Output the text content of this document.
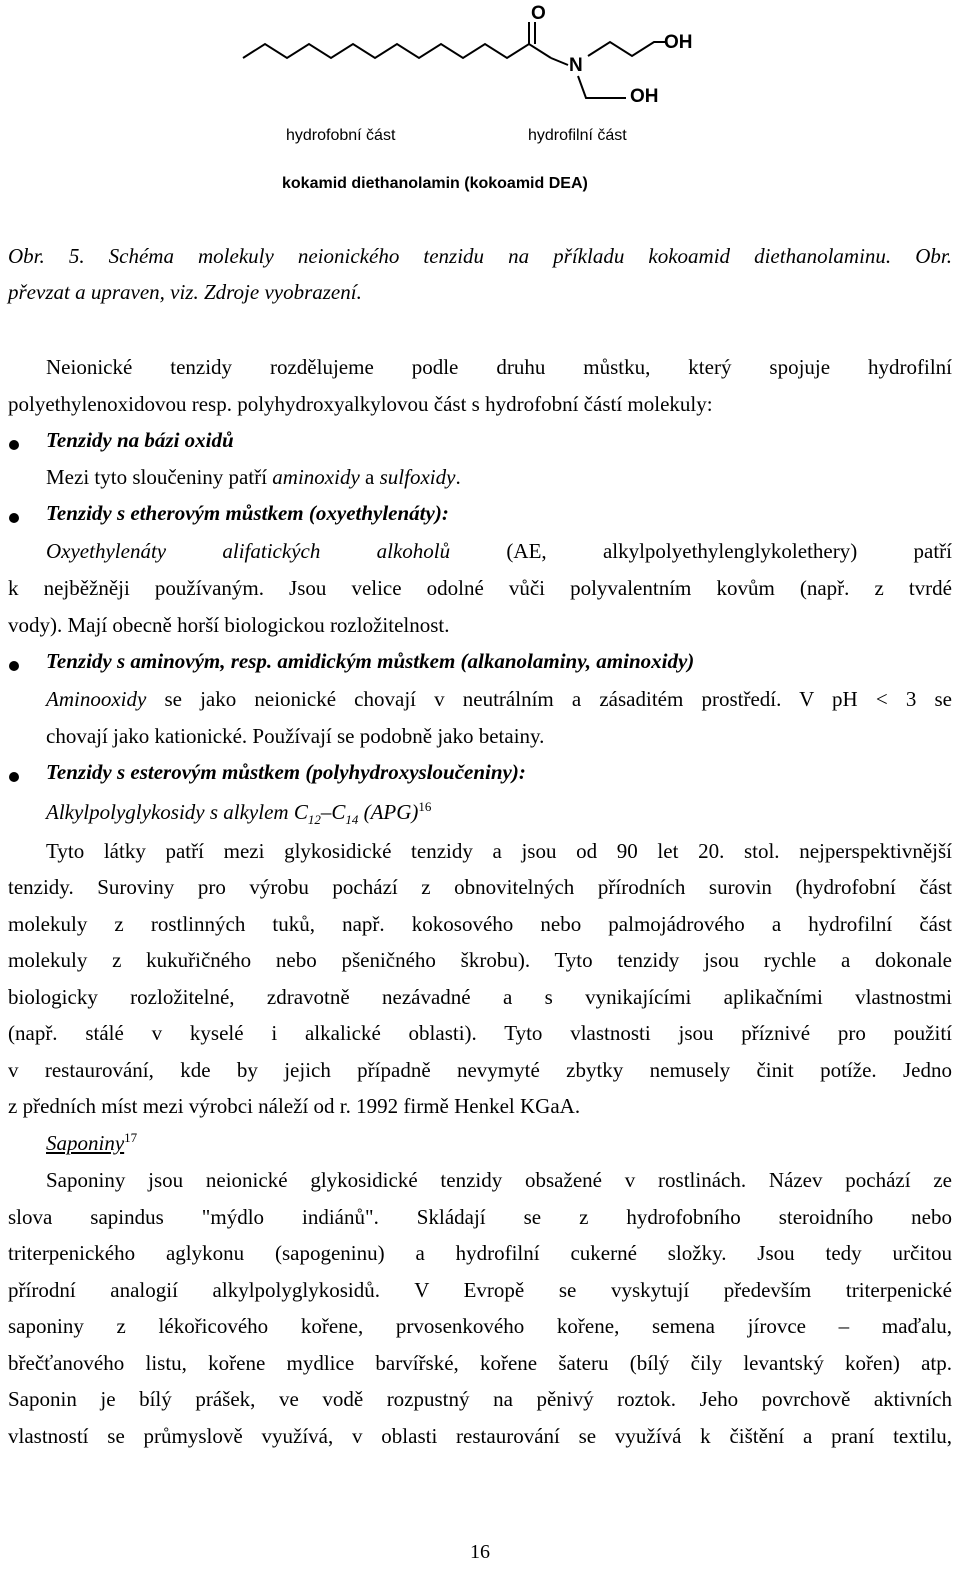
O
N
OH
OH
hydrofobní část	hydrofilní část
kokamid diethanolamin (kokoamid DEA)
Obr. 5. Schéma molekuly neionického tenzidu na příkladu kokoamid diethanolaminu. Obr.
převzat a upraven, viz. Zdroje vyobrazení.
Neionické tenzidy rozdělujeme podle druhu můstku, který spojuje hydrofilní
polyethylenoxidovou resp. polyhydroxyalkylovou část s hydrofobní částí molekuly:
Tenzidy na bázi oxidů
Mezi tyto sloučeniny patří aminoxidy a sulfoxidy.
Tenzidy s etherovým můstkem (oxyethylenáty):
Oxyethylenáty alifatických alkoholů (AE, alkylpolyethylenglykolethery) patří
k nejběžněji používaným. Jsou velice odolné vůči polyvalentním kovům (např. z tvrdé
vody). Mají obecně horší biologickou rozložitelnost.
Tenzidy s aminovým, resp. amidickým můstkem (alkanolaminy, aminoxidy)
Aminooxidy se jako neionické chovají v neutrálním a zásaditém prostředí. V pH < 3 se
chovají jako kationické. Používají se podobně jako betainy.
Tenzidy s esterovým můstkem (polyhydroxysloučeniny):
Alkylpolyglykosidy s alkylem $C_{12}-C_{14}$ (APG)$^{16}$
Tyto látky patří mezi glykosidické tenzidy a jsou od 90 let 20. stol. nejperspektivnější
tenzidy. Suroviny pro výrobu pochází z obnovitelných přírodních surovin (hydrofobní část
molekuly z rostlinných tuků, např. kokosového nebo palmojádrového a hydrofilní část
molekuly z kukuřičného nebo pšeničného škrobu). Tyto tenzidy jsou rychle a dokonale
biologicky rozložitelné, zdravotně nezávadné a s vynikajícími aplikačními vlastnostmi
(např. stálé v kyselé i alkalické oblasti). Tyto vlastnosti jsou příznivé pro použití
v restaurování, kde by jejich případně nevymyté zbytky nemusely činit potíže. Jedno
z předních míst mezi výrobci náleží od r. 1992 firmě Henkel KGaA.
Saponiny$^{17}$
Saponiny jsou neionické glykosidické tenzidy obsažené v rostlinách. Název pochází ze
slova sapindus "mýdlo indiánů". Skládají se z hydrofobního steroidního nebo
triterpenického aglykonu (sapogeninu) a hydrofilní cukerné složky. Jsou tedy určitou
přírodní analogií alkylpolyglykosidů. V Evropě se vyskytují především triterpenické
saponiny z lékořicového kořene, prvosenkového kořene, semena jírovce – maďalu,
břečťanového listu, kořene mydlice barvířské, kořene šateru (bílý čily levantský kořen) atp.
Saponin je bílý prášek, ve vodě rozpustný na pěnivý roztok. Jeho povrchově aktivních
vlastností se průmyslově využívá, v oblasti restaurování se využívá k čištění a praní textilu,
16
